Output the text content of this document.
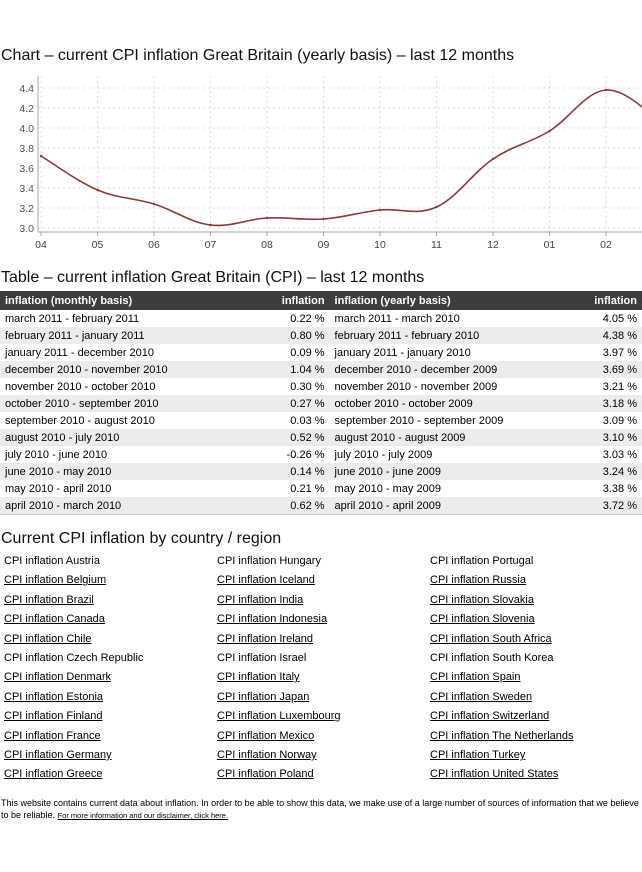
Chart – current CPI inflation Great Britain (yearly basis) – last 12 months
3.0
3.2
3.4
3.6
3.8
4.0
4.2
4.4
04	05	06	07	08	09	10	11	12	01	02
Table – current inflation Great Britain (CPI) – last 12 months
inflation (monthly basis)	inflation	inflation (yearly basis)	inflation
march 2011 - february 2011	0.22 %	march 2011 - march 2010	4.05 %
february 2011 - january 2011	0.80 %	february 2011 - february 2010	4.38 %
january 2011 - december 2010	0.09 %	january 2011 - january 2010	3.97 %
december 2010 - november 2010	1.04 %	december 2010 - december 2009	3.69 %
november 2010 - october 2010	0.30 %	november 2010 - november 2009	3.21 %
october 2010 - september 2010	0.27 %	october 2010 - october 2009	3.18 %
september 2010 - august 2010	0.03 %	september 2010 - september 2009	3.09 %
august 2010 - july 2010	0.52 %	august 2010 - august 2009	3.10 %
july 2010 - june 2010	-0.26 %	july 2010 - july 2009	3.03 %
june 2010 - may 2010	0.14 %	june 2010 - june 2009	3.24 %
may 2010 - april 2010	0.21 %	may 2010 - may 2009	3.38 %
april 2010 - march 2010	0.62 %	april 2010 - april 2009	3.72 %
Current CPI inflation by country / region
CPI inflation Austria
CPI inflation Belgium
CPI inflation Brazil
CPI inflation Canada
CPI inflation Chile
CPI inflation Czech Republic
CPI inflation Denmark
CPI inflation Estonia
CPI inflation Finland
CPI inflation France
CPI inflation Germany
CPI inflation Greece
CPI inflation Hungary
CPI inflation Iceland
CPI inflation India
CPI inflation Indonesia
CPI inflation Ireland
CPI inflation Israel
CPI inflation Italy
CPI inflation Japan
CPI inflation Luxembourg
CPI inflation Mexico
CPI inflation Norway
CPI inflation Poland
CPI inflation Portugal
CPI inflation Russia
CPI inflation Slovakia
CPI inflation Slovenia
CPI inflation South Africa
CPI inflation South Korea
CPI inflation Spain
CPI inflation Sweden
CPI inflation Switzerland
CPI inflation The Netherlands
CPI inflation Turkey
CPI inflation United States
This website contains current data about inflation. In order to be able to show this data, we make use of a large number of sources of information that we believe to be reliable. For more information and our disclaimer, click here.
